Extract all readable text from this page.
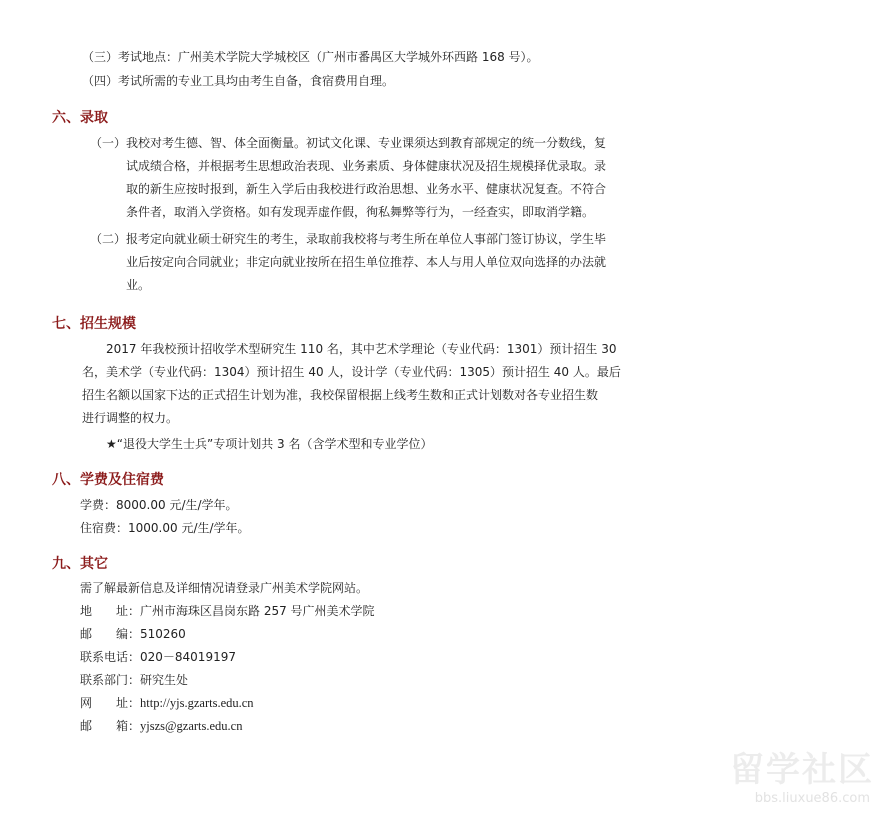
（三）考试地点：广州美术学院大学城校区（广州市番禺区大学城外环西路 168 号）。
（四）考试所需的专业工具均由考生自备，食宿费用自理。
六、录取
（一）我校对考生德、智、体全面衡量。初试文化课、专业课须达到教育部规定的统一分数线，复
试成绩合格，并根据考生思想政治表现、业务素质、身体健康状况及招生规模择优录取。录
取的新生应按时报到，新生入学后由我校进行政治思想、业务水平、健康状况复查。不符合
条件者，取消入学资格。如有发现弄虚作假，徇私舞弊等行为，一经查实，即取消学籍。
（二）报考定向就业硕士研究生的考生，录取前我校将与考生所在单位人事部门签订协议，学生毕
业后按定向合同就业；非定向就业按所在招生单位推荐、本人与用人单位双向选择的办法就
业。
七、招生规模
2017 年我校预计招收学术型研究生 110 名，其中艺术学理论（专业代码：1301）预计招生 30
名，美术学（专业代码：1304）预计招生 40 人，设计学（专业代码：1305）预计招生 40 人。最后
招生名额以国家下达的正式招生计划为准，我校保留根据上线考生数和正式计划数对各专业招生数
进行调整的权力。
★“退役大学生士兵”专项计划共 3 名（含学术型和专业学位）
八、学费及住宿费
学费：8000.00 元/生/学年。
住宿费：1000.00 元/生/学年。
九、其它
需了解最新信息及详细情况请登录广州美术学院网站。
地　　址：广州市海珠区昌岗东路 257 号广州美术学院
邮　　编：510260
联系电话：020－84019197
联系部门：研究生处
网　　址：http://yjs.gzarts.edu.cn
邮　　箱：yjszs@gzarts.edu.cn
留学社区
bbs.liuxue86.com
